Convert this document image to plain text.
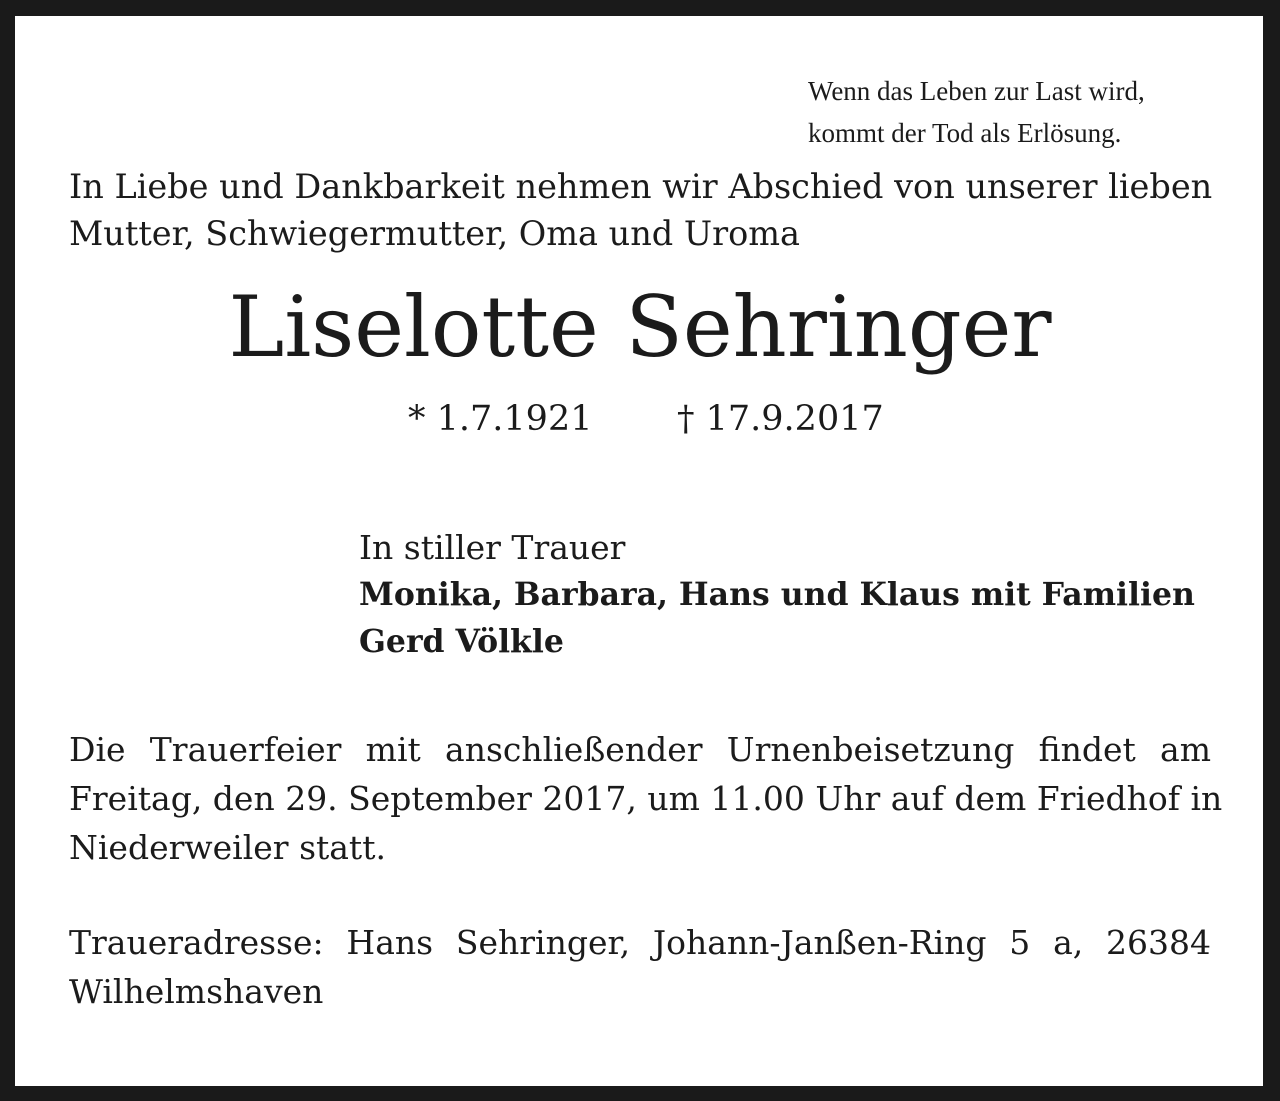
Wenn das Leben zur Last wird,
kommt der Tod als Erlösung.
In Liebe und Dankbarkeit nehmen wir Abschied von unserer lieben
Mutter, Schwiegermutter, Oma und Uroma
Liselotte Sehringer
* 1.7.1921 † 17.9.2017
In stiller Trauer
Monika, Barbara, Hans und Klaus mit Familien
Gerd Völkle
Die Trauerfeier mit anschließender Urnenbeisetzung findet am
Freitag, den 29. September 2017, um 11.00 Uhr auf dem Friedhof in
Niederweiler statt.
Traueradresse: Hans Sehringer, Johann-Janßen-Ring 5 a, 26384
Wilhelmshaven
